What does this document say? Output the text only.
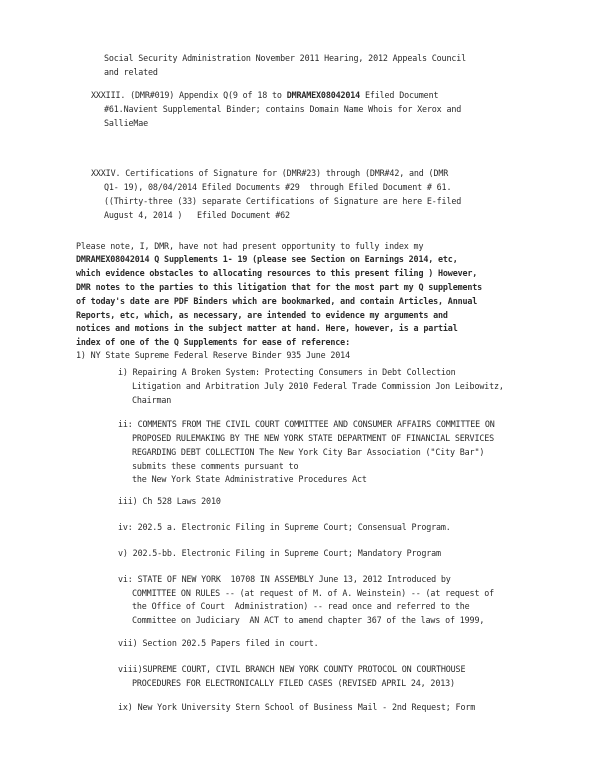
Social Security Administration November 2011 Hearing, 2012 Appeals Council
and related
XXXIII. (DMR#019) Appendix Q(9 of 18 to DMRAMEX08042014 Efiled Document
#61.Navient Supplemental Binder; contains Domain Name Whois for Xerox and
SallieMae
XXXIV. Certifications of Signature for (DMR#23) through (DMR#42, and (DMR
Q1- 19), 08/04/2014 Efiled Documents #29  through Efiled Document # 61.
((Thirty-three (33) separate Certifications of Signature are here E-filed
August 4, 2014 )   Efiled Document #62
Please note, I, DMR, have not had present opportunity to fully index my
DMRAMEX08042014 Q Supplements 1- 19 (please see Section on Earnings 2014, etc,
which evidence obstacles to allocating resources to this present filing ) However,
DMR notes to the parties to this litigation that for the most part my Q supplements
of today's date are PDF Binders which are bookmarked, and contain Articles, Annual
Reports, etc, which, as necessary, are intended to evidence my arguments and
notices and motions in the subject matter at hand. Here, however, is a partial
index of one of the Q Supplements for ease of reference:
1) NY State Supreme Federal Reserve Binder 935 June 2014
i) Repairing A Broken System: Protecting Consumers in Debt Collection
Litigation and Arbitration July 2010 Federal Trade Commission Jon Leibowitz,
Chairman
ii: COMMENTS FROM THE CIVIL COURT COMMITTEE AND CONSUMER AFFAIRS COMMITTEE ON
PROPOSED RULEMAKING BY THE NEW YORK STATE DEPARTMENT OF FINANCIAL SERVICES
REGARDING DEBT COLLECTION The New York City Bar Association ("City Bar")
submits these comments pursuant to
the New York State Administrative Procedures Act
iii) Ch 528 Laws 2010
iv: 202.5 a. Electronic Filing in Supreme Court; Consensual Program.
v) 202.5-bb. Electronic Filing in Supreme Court; Mandatory Program
vi: STATE OF NEW YORK  10708 IN ASSEMBLY June 13, 2012 Introduced by
COMMITTEE ON RULES -- (at request of M. of A. Weinstein) -- (at request of
the Office of Court  Administration) -- read once and referred to the
Committee on Judiciary  AN ACT to amend chapter 367 of the laws of 1999,
vii) Section 202.5 Papers filed in court.
viii)SUPREME COURT, CIVIL BRANCH NEW YORK COUNTY PROTOCOL ON COURTHOUSE
PROCEDURES FOR ELECTRONICALLY FILED CASES (REVISED APRIL 24, 2013)
ix) New York University Stern School of Business Mail - 2nd Request; Form
